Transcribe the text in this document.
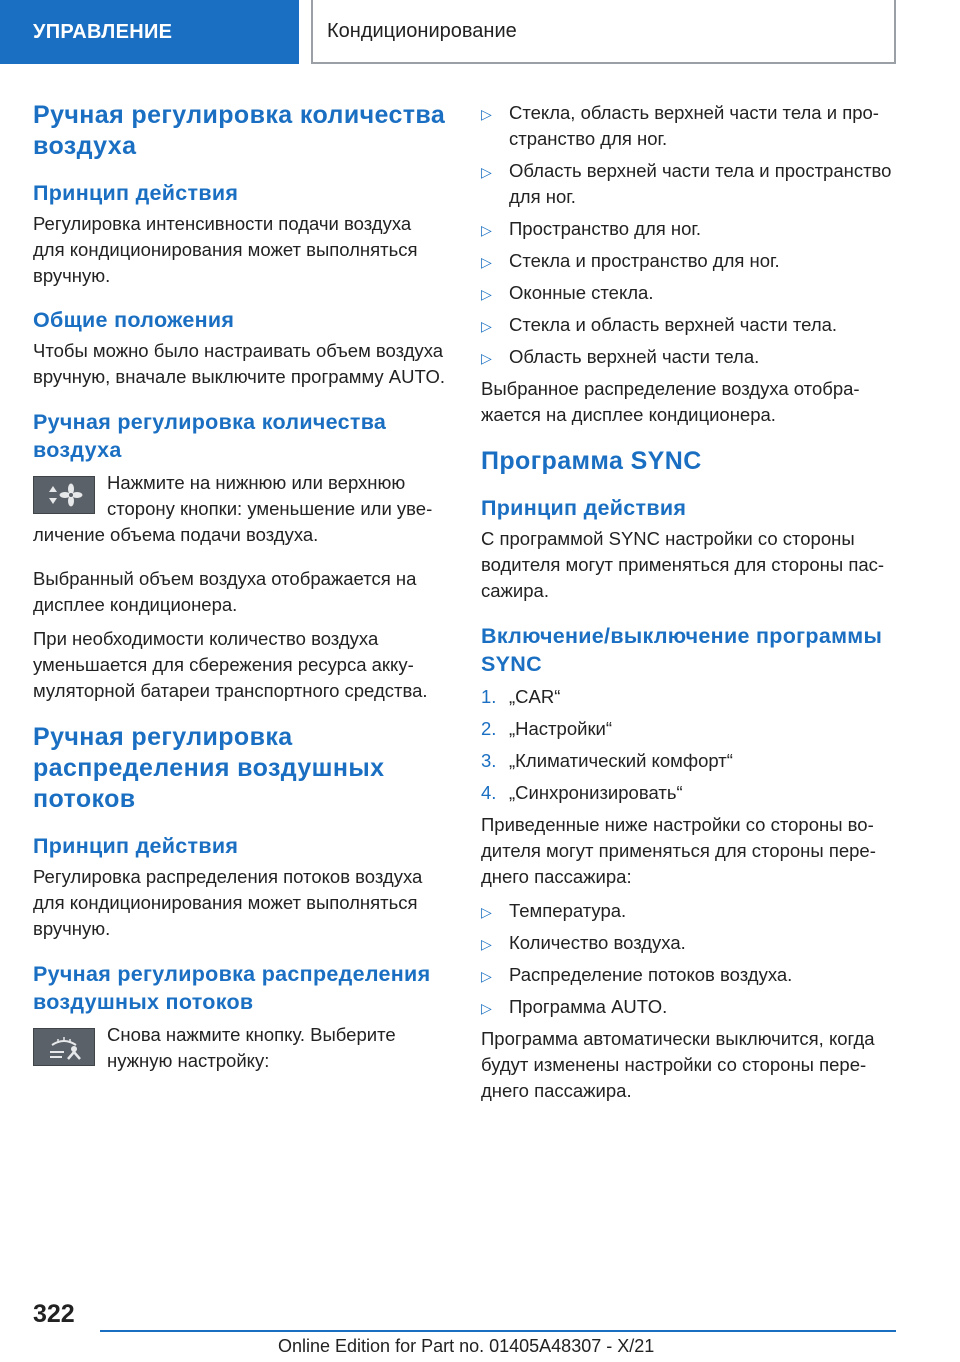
УПРАВЛЕНИЕ	Кондиционирование
Ручная регулировка количества воздуха
Принцип действия

Регулировка интенсивности подачи воздуха для кондиционирования может выполняться вручную.

Общие положения

Чтобы можно было настраивать объем воздуха вручную, вначале выключите программу AUTO.

Ручная регулировка количества воздуха

Нажмите на нижнюю или верхнюю сторону кнопки: уменьшение или увеличение объема подачи воздуха.

Выбранный объем воздуха отображается на дисплее кондиционера.

При необходимости количество воздуха уменьшается для сбережения ресурса аккумуляторной батареи транспортного средства.

Ручная регулировка распределения воздушных потоков
Принцип действия

Регулировка распределения потоков воздуха для кондиционирования может выполняться вручную.

Ручная регулировка распределения воздушных потоков

Снова нажмите кнопку. Выберите нужную настройку:

▷ Стекла, область верхней части тела и пространство для ног.
▷ Область верхней части тела и пространство для ног.
▷ Пространство для ног.
▷ Стекла и пространство для ног.
▷ Оконные стекла.
▷ Стекла и область верхней части тела.
▷ Область верхней части тела.

Выбранное распределение воздуха отображается на дисплее кондиционера.

Программа SYNC
Принцип действия

С программой SYNC настройки со стороны водителя могут применяться для стороны пассажира.

Включение/выключение программы SYNC
1. „CAR“
2. „Настройки“
3. „Климатический комфорт“
4. „Синхронизировать“

Приведенные ниже настройки со стороны водителя могут применяться для стороны переднего пассажира:

▷ Температура.
▷ Количество воздуха.
▷ Распределение потоков воздуха.
▷ Программа AUTO.

Программа автоматически выключится, когда будут изменены настройки со стороны переднего пассажира.

322
Online Edition for Part no. 01405A48307 - X/21
